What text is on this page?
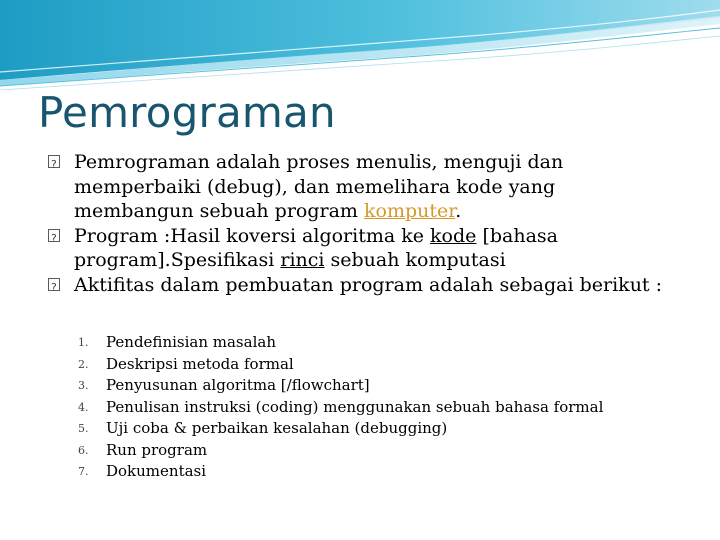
Pemrograman
?
Pemrograman adalah proses menulis, menguji dan memperbaiki (debug), dan memelihara kode yang membangun sebuah program komputer.
?
Program :Hasil koversi algoritma ke kode [bahasa program].Spesifikasi rinci sebuah komputasi
?
Aktifitas dalam pembuatan program adalah sebagai berikut :
1. Pendefinisian masalah
2. Deskripsi metoda formal
3. Penyusunan algoritma [/flowchart]
4. Penulisan instruksi (coding) menggunakan sebuah bahasa formal
5. Uji coba & perbaikan kesalahan (debugging)
6. Run program
7. Dokumentasi
